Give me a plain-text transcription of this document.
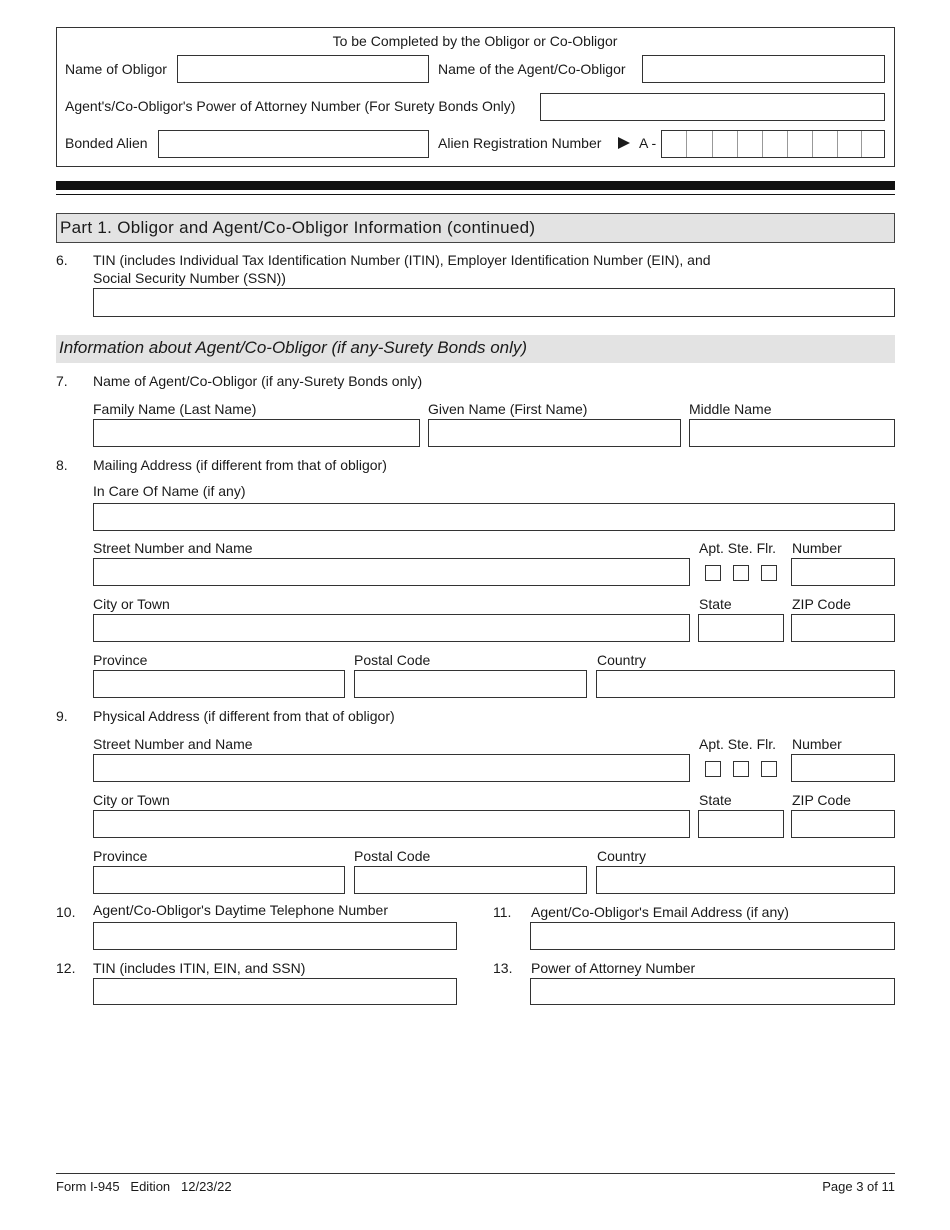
To be Completed by the Obligor or Co-Obligor
Name of Obligor	Name of the Agent/Co-Obligor
Agent's/Co-Obligor's Power of Attorney Number (For Surety Bonds Only)
Bonded Alien	Alien Registration Number	A -
Part 1. Obligor and Agent/Co-Obligor Information (continued)
6. TIN (includes Individual Tax Identification Number (ITIN), Employer Identification Number (EIN), and
Social Security Number (SSN))
Information about Agent/Co-Obligor (if any-Surety Bonds only)
7. Name of Agent/Co-Obligor (if any-Surety Bonds only)
Family Name (Last Name)	Given Name (First Name)	Middle Name
8. Mailing Address (if different from that of obligor)
In Care Of Name (if any)
Street Number and Name	Apt. Ste. Flr. Number
City or Town	State	ZIP Code
Province	Postal Code	Country
9. Physical Address (if different from that of obligor)
Street Number and Name	Apt. Ste. Flr. Number
City or Town	State	ZIP Code
Province	Postal Code	Country
10. Agent/Co-Obligor's Daytime Telephone Number	11. Agent/Co-Obligor's Email Address (if any)
12. TIN (includes ITIN, EIN, and SSN)	13. Power of Attorney Number
Form I-945   Edition   12/23/22	Page 3 of 11
